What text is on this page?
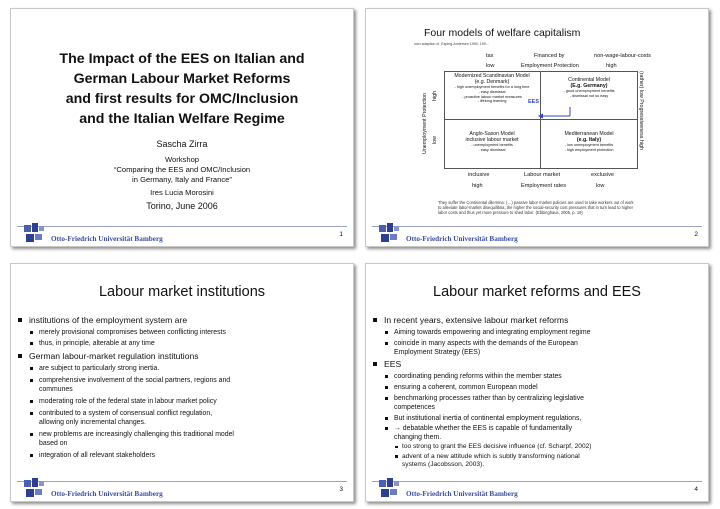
The Impact of the EES on Italian and
German Labour Market Reforms
and first results for OMC/Inclusion
and the Italian Welfare Regime
Sascha Zirra
Workshop
“Comparing the EES and OMC/Inclusion
in Germany, Italy and France”
Ires Lucia Morosini
Torino, June 2006
Otto-Friedrich Universität Bamberg
1
Four models of welfare capitalism
own adaption cf. Esping-Andersen 1990; 199…
tax	Financed by	non-wage-labour-costs
low	Employment Protection	high
Unemployment Protection high
low	(rather) low Progressiveness high
Modernized Scandinavian Model
(e.g. Denmark)
- high unemployment benefits for a long time
- easy dismissal
- proactive labour market measures
- lifelong learning
Continental Model
(E.g. Germany)
- good unemployment benefits
- dismissal not so easy
EES
Anglo-Saxon Model
inclusive labour market
- unemployment benefits
- easy dismissal
Mediterranean Model
(e.g. Italy)
- low unemployment benefits
- high employment protection
inclusive	Labour market	exclusive
high	Employment rates	low
They suffer the Continental dilemma: (…) passive labor market policies are used to take workers out of work to alleviate labor-market disequilibria; the higher the social-security cost pressures that in turn lead to higher labor costs and thus yet more pressure to shed labor. (Ebbinghaus, 2005, p. 19)
Otto-Friedrich Universität Bamberg
2
Labour market institutions
institutions of the employment system are
merely provisional compromises between conflicting interests
thus, in principle, alterable at any time
German labour-market regulation institutions
are subject to particularly strong inertia.
comprehensive involvement of the social partners, regions and
communes
moderating role of the federal state in labour market policy
contributed to a system of consensual conflict regulation,
allowing only incremental changes.
new problems are increasingly challenging this traditional model
based on
integration of all relevant stakeholders
Otto-Friedrich Universität Bamberg
3
Labour market reforms and EES
In recent years, extensive labour market reforms
Aiming towards empowering and integrating employment regime
coincide in many aspects with the demands of the European
Employment Strategy (EES)
EES
coordinating pending reforms within the member states
ensuring a coherent, common European model
benchmarking processes rather than by centralizing legislative
competences
But institutional inertia of continental employment regulations,
→ debatable whether the EES is capable of fundamentally
changing them.
too strong to grant the EES decisive influence (cf. Scharpf, 2002)
advent of a new attitude which is subtly transforming national
systems (Jacobsson, 2003).
Otto-Friedrich Universität Bamberg
4
